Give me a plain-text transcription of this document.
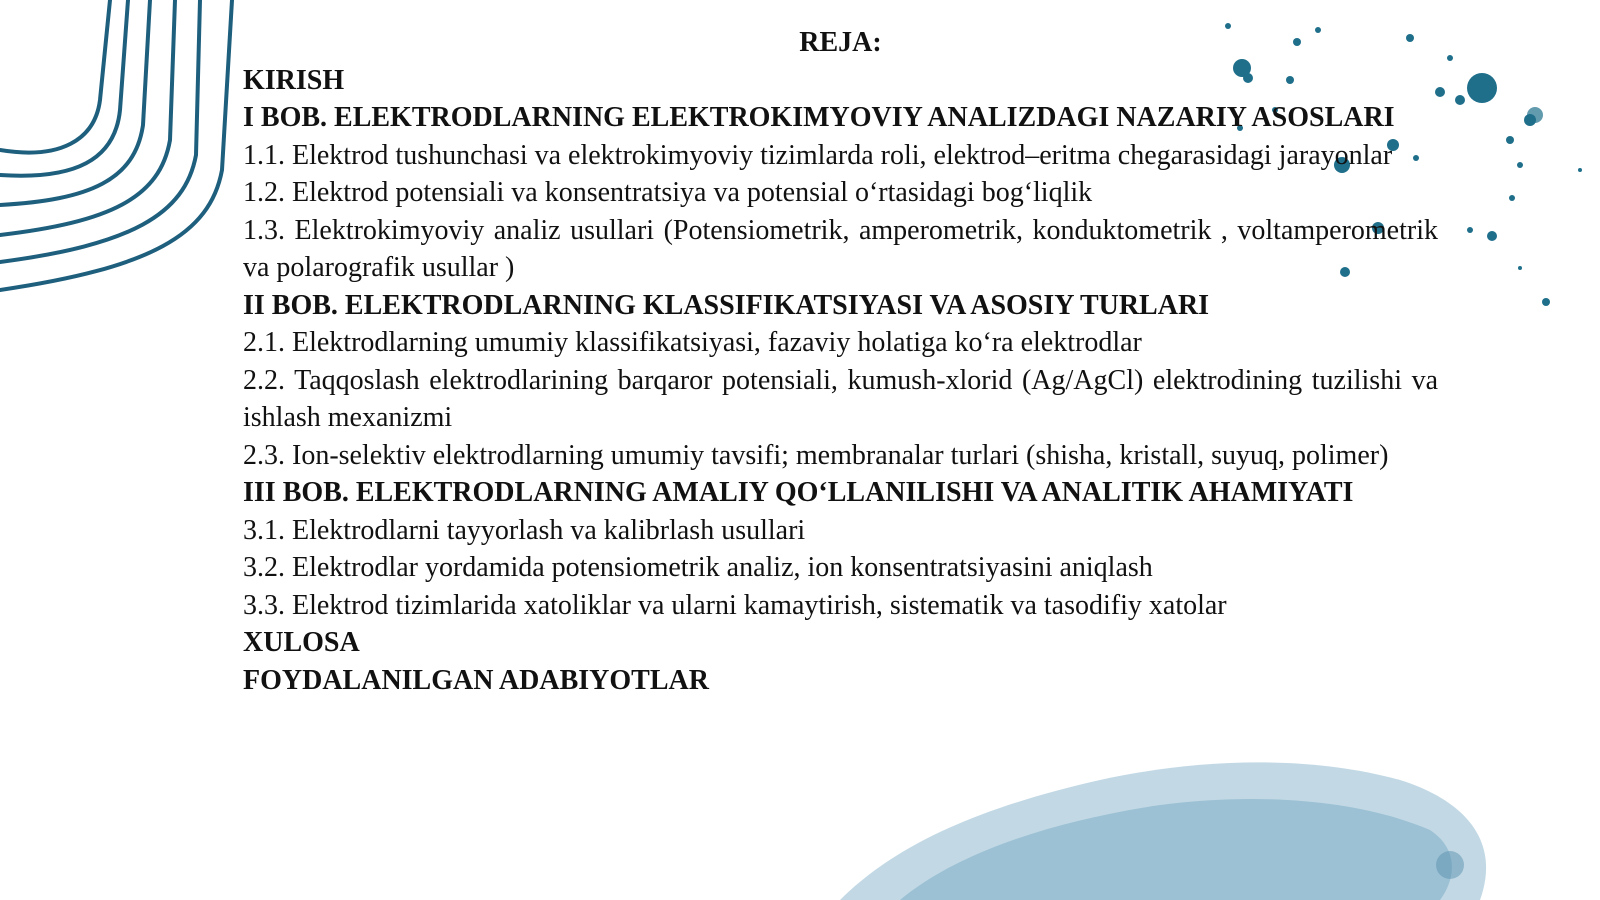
REJA:

KIRISH

I BOB. ELEKTRODLARNING ELEKTROKIMYOVIY ANALIZDAGI NAZARIY ASOSLARI

1.1. Elektrod tushunchasi va elektrokimyoviy tizimlarda roli, elektrod–eritma chegarasidagi jarayonlar

1.2. Elektrod potensiali va konsentratsiya va potensial o‘rtasidagi bog‘liqlik

1.3. Elektrokimyoviy analiz usullari (Potensiometrik, amperometrik, konduktometrik , voltamperometrik va polarografik usullar )

II BOB. ELEKTRODLARNING KLASSIFIKATSIYASI VA ASOSIY TURLARI

2.1. Elektrodlarning umumiy klassifikatsiyasi, fazaviy holatiga ko‘ra elektrodlar

2.2. Taqqoslash elektrodlarining barqaror potensiali, kumush-xlorid (Ag/AgCl) elektrodining tuzilishi va ishlash mexanizmi

2.3. Ion-selektiv elektrodlarning umumiy tavsifi; membranalar turlari (shisha, kristall, suyuq, polimer)

III BOB. ELEKTRODLARNING AMALIY QO‘LLANILISHI VA ANALITIK AHAMIYATI

3.1. Elektrodlarni tayyorlash va kalibrlash usullari

3.2. Elektrodlar yordamida potensiometrik analiz, ion konsentratsiyasini aniqlash

3.3. Elektrod tizimlarida xatoliklar va ularni kamaytirish, sistematik va tasodifiy xatolar

XULOSA

FOYDALANILGAN ADABIYOTLAR
